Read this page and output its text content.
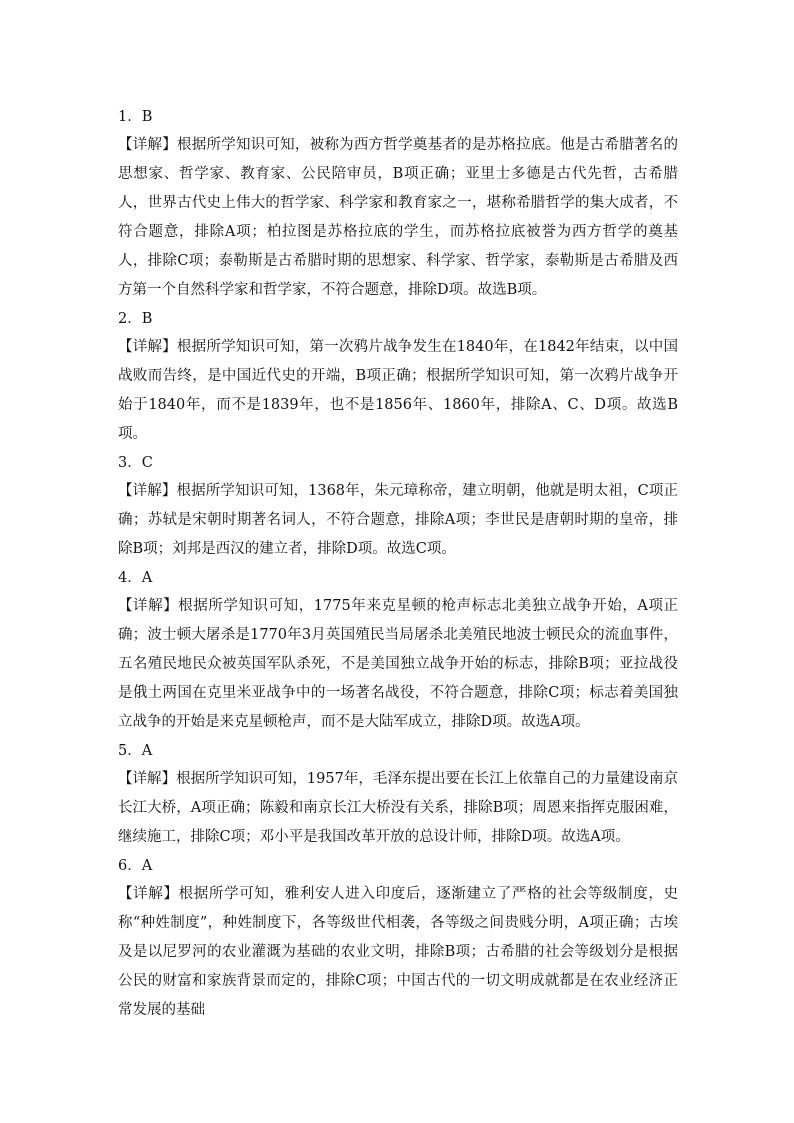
1．B

【详解】根据所学知识可知，被称为西方哲学奠基者的是苏格拉底。他是古希腊著名的思想家、哲学家、教育家、公民陪审员，B项正确；亚里士多德是古代先哲，古希腊人，世界古代史上伟大的哲学家、科学家和教育家之一，堪称希腊哲学的集大成者，不符合题意，排除A项；柏拉图是苏格拉底的学生，而苏格拉底被誉为西方哲学的奠基人，排除C项；泰勒斯是古希腊时期的思想家、科学家、哲学家，泰勒斯是古希腊及西方第一个自然科学家和哲学家，不符合题意，排除D项。故选B项。

2．B

【详解】根据所学知识可知，第一次鸦片战争发生在1840年，在1842年结束，以中国战败而告终，是中国近代史的开端，B项正确；根据所学知识可知，第一次鸦片战争开始于1840年，而不是1839年，也不是1856年、1860年，排除A、C、D项。故选B项。

3．C

【详解】根据所学知识可知，1368年，朱元璋称帝，建立明朝，他就是明太祖，C项正确；苏轼是宋朝时期著名词人，不符合题意，排除A项；李世民是唐朝时期的皇帝，排除B项；刘邦是西汉的建立者，排除D项。故选C项。

4．A

【详解】根据所学知识可知，1775年来克星顿的枪声标志北美独立战争开始，A项正确；波士顿大屠杀是1770年3月英国殖民当局屠杀北美殖民地波士顿民众的流血事件，五名殖民地民众被英国军队杀死，不是美国独立战争开始的标志，排除B项；亚拉战役是俄土两国在克里米亚战争中的一场著名战役，不符合题意，排除C项；标志着美国独立战争的开始是来克星顿枪声，而不是大陆军成立，排除D项。故选A项。

5．A

【详解】根据所学知识可知，1957年，毛泽东提出要在长江上依靠自己的力量建设南京长江大桥，A项正确；陈毅和南京长江大桥没有关系，排除B项；周恩来指挥克服困难，继续施工，排除C项；邓小平是我国改革开放的总设计师，排除D项。故选A项。

6．A

【详解】根据所学可知，雅利安人进入印度后，逐渐建立了严格的社会等级制度，史称“种姓制度”，种姓制度下，各等级世代相袭，各等级之间贵贱分明，A项正确；古埃及是以尼罗河的农业灌溉为基础的农业文明，排除B项；古希腊的社会等级划分是根据公民的财富和家族背景而定的，排除C项；中国古代的一切文明成就都是在农业经济正常发展的基础
